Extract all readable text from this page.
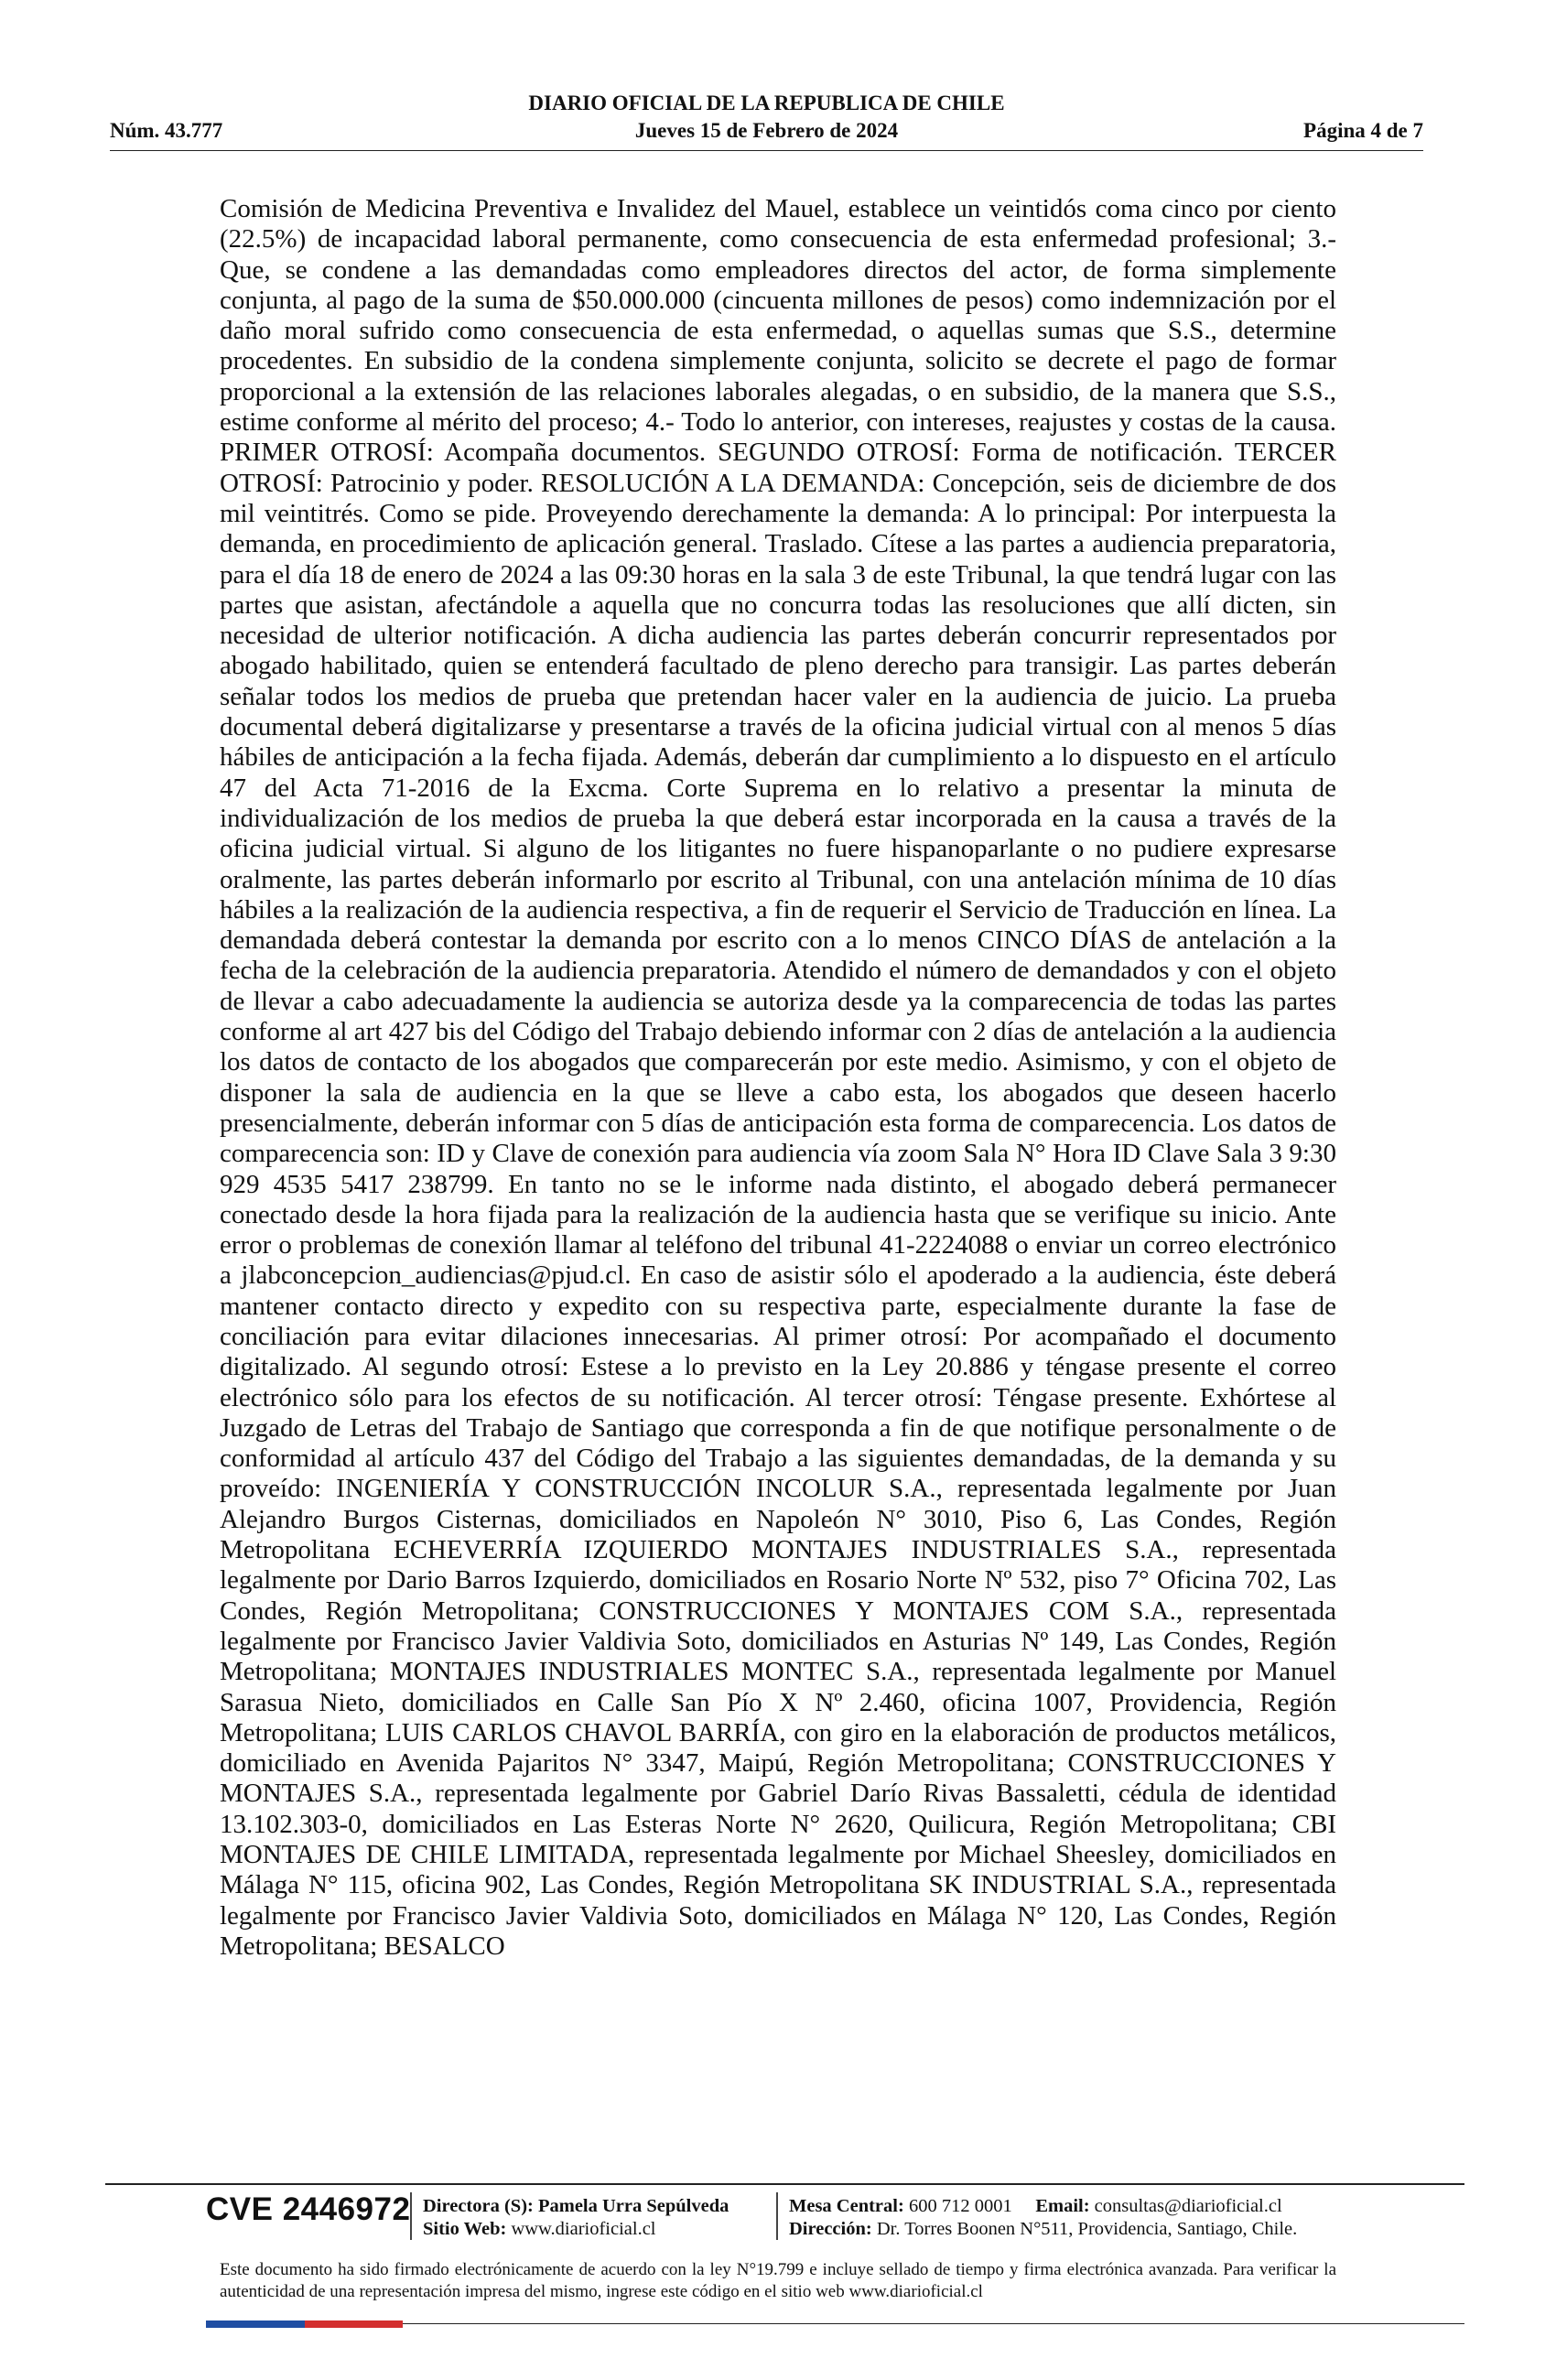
DIARIO OFICIAL DE LA REPUBLICA DE CHILE
Núm. 43.777	Jueves 15 de Febrero de 2024	Página 4 de 7

Comisión de Medicina Preventiva e Invalidez del Mauel, establece un veintidós coma cinco por ciento (22.5%) de incapacidad laboral permanente, como consecuencia de esta enfermedad profesional; 3.- Que, se condene a las demandadas como empleadores directos del actor, de forma simplemente conjunta, al pago de la suma de $50.000.000 (cincuenta millones de pesos) como indemnización por el daño moral sufrido como consecuencia de esta enfermedad, o aquellas sumas que S.S., determine procedentes. En subsidio de la condena simplemente conjunta, solicito se decrete el pago de formar proporcional a la extensión de las relaciones laborales alegadas, o en subsidio, de la manera que S.S., estime conforme al mérito del proceso; 4.- Todo lo anterior, con intereses, reajustes y costas de la causa. PRIMER OTROSÍ: Acompaña documentos. SEGUNDO OTROSÍ: Forma de notificación. TERCER OTROSÍ: Patrocinio y poder. RESOLUCIÓN A LA DEMANDA: Concepción, seis de diciembre de dos mil veintitrés. Como se pide. Proveyendo derechamente la demanda: A lo principal: Por interpuesta la demanda, en procedimiento de aplicación general. Traslado. Cítese a las partes a audiencia preparatoria, para el día 18 de enero de 2024 a las 09:30 horas en la sala 3 de este Tribunal, la que tendrá lugar con las partes que asistan, afectándole a aquella que no concurra todas las resoluciones que allí dicten, sin necesidad de ulterior notificación. A dicha audiencia las partes deberán concurrir representados por abogado habilitado, quien se entenderá facultado de pleno derecho para transigir. Las partes deberán señalar todos los medios de prueba que pretendan hacer valer en la audiencia de juicio. La prueba documental deberá digitalizarse y presentarse a través de la oficina judicial virtual con al menos 5 días hábiles de anticipación a la fecha fijada. Además, deberán dar cumplimiento a lo dispuesto en el artículo 47 del Acta 71-2016 de la Excma. Corte Suprema en lo relativo a presentar la minuta de individualización de los medios de prueba la que deberá estar incorporada en la causa a través de la oficina judicial virtual. Si alguno de los litigantes no fuere hispanoparlante o no pudiere expresarse oralmente, las partes deberán informarlo por escrito al Tribunal, con una antelación mínima de 10 días hábiles a la realización de la audiencia respectiva, a fin de requerir el Servicio de Traducción en línea. La demandada deberá contestar la demanda por escrito con a lo menos CINCO DÍAS de antelación a la fecha de la celebración de la audiencia preparatoria. Atendido el número de demandados y con el objeto de llevar a cabo adecuadamente la audiencia se autoriza desde ya la comparecencia de todas las partes conforme al art 427 bis del Código del Trabajo debiendo informar con 2 días de antelación a la audiencia los datos de contacto de los abogados que comparecerán por este medio. Asimismo, y con el objeto de disponer la sala de audiencia en la que se lleve a cabo esta, los abogados que deseen hacerlo presencialmente, deberán informar con 5 días de anticipación esta forma de comparecencia. Los datos de comparecencia son: ID y Clave de conexión para audiencia vía zoom Sala N° Hora ID Clave Sala 3 9:30 929 4535 5417 238799. En tanto no se le informe nada distinto, el abogado deberá permanecer conectado desde la hora fijada para la realización de la audiencia hasta que se verifique su inicio. Ante error o problemas de conexión llamar al teléfono del tribunal 41-2224088 o enviar un correo electrónico a jlabconcepcion_audiencias@pjud.cl. En caso de asistir sólo el apoderado a la audiencia, éste deberá mantener contacto directo y expedito con su respectiva parte, especialmente durante la fase de conciliación para evitar dilaciones innecesarias. Al primer otrosí: Por acompañado el documento digitalizado. Al segundo otrosí: Estese a lo previsto en la Ley 20.886 y téngase presente el correo electrónico sólo para los efectos de su notificación. Al tercer otrosí: Téngase presente. Exhórtese al Juzgado de Letras del Trabajo de Santiago que corresponda a fin de que notifique personalmente o de conformidad al artículo 437 del Código del Trabajo a las siguientes demandadas, de la demanda y su proveído: INGENIERÍA Y CONSTRUCCIÓN INCOLUR S.A., representada legalmente por Juan Alejandro Burgos Cisternas, domiciliados en Napoleón N° 3010, Piso 6, Las Condes, Región Metropolitana ECHEVERRÍA IZQUIERDO MONTAJES INDUSTRIALES S.A., representada legalmente por Dario Barros Izquierdo, domiciliados en Rosario Norte Nº 532, piso 7° Oficina 702, Las Condes, Región Metropolitana; CONSTRUCCIONES Y MONTAJES COM S.A., representada legalmente por Francisco Javier Valdivia Soto, domiciliados en Asturias Nº 149, Las Condes, Región Metropolitana; MONTAJES INDUSTRIALES MONTEC S.A., representada legalmente por Manuel Sarasua Nieto, domiciliados en Calle San Pío X Nº 2.460, oficina 1007, Providencia, Región Metropolitana; LUIS CARLOS CHAVOL BARRÍA, con giro en la elaboración de productos metálicos, domiciliado en Avenida Pajaritos N° 3347, Maipú, Región Metropolitana; CONSTRUCCIONES Y MONTAJES S.A., representada legalmente por Gabriel Darío Rivas Bassaletti, cédula de identidad 13.102.303-0, domiciliados en Las Esteras Norte N° 2620, Quilicura, Región Metropolitana; CBI MONTAJES DE CHILE LIMITADA, representada legalmente por Michael Sheesley, domiciliados en Málaga N° 115, oficina 902, Las Condes, Región Metropolitana SK INDUSTRIAL S.A., representada legalmente por Francisco Javier Valdivia Soto, domiciliados en Málaga N° 120, Las Condes, Región Metropolitana; BESALCO

CVE 2446972 Directora (S): Pamela Urra Sepúlveda
Sitio Web: www.diarioficial.cl
Mesa Central: 600 712 0001 Email: consultas@diarioficial.cl
Dirección: Dr. Torres Boonen N°511, Providencia, Santiago, Chile.
Este documento ha sido firmado electrónicamente de acuerdo con la ley N°19.799 e incluye sellado de tiempo y firma electrónica avanzada. Para verificar la autenticidad de una representación impresa del mismo, ingrese este código en el sitio web www.diarioficial.cl
